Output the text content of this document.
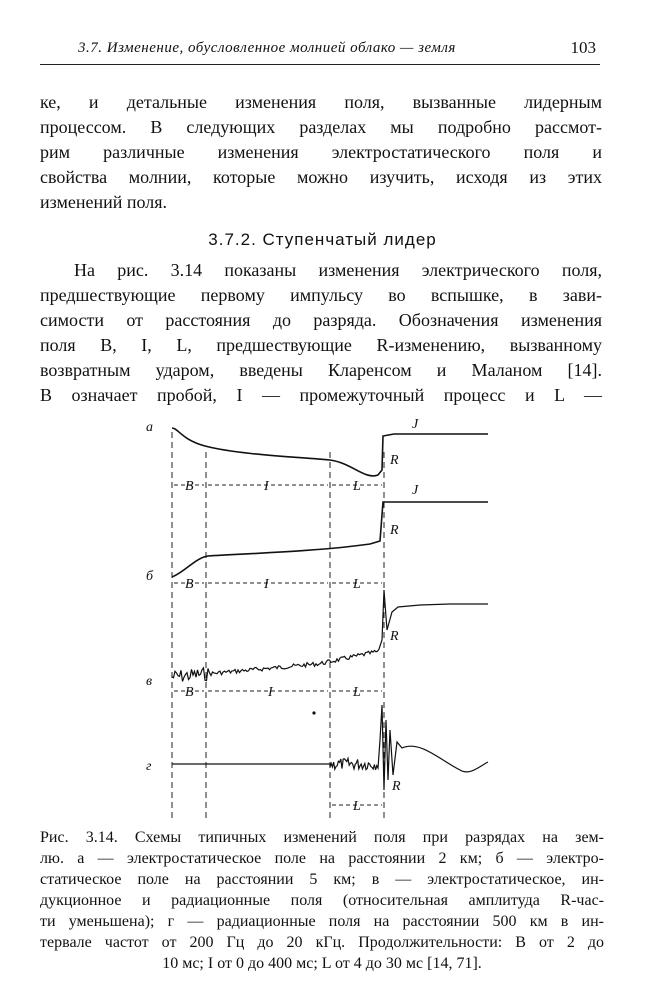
3.7. Изменение, обусловленное молнией облако — земля	103
ке, и детальные изменения поля, вызванные лидерным
процессом. В следующих разделах мы подробно рассмот-
рим различные изменения электростатического поля и
свойства молнии, которые можно изучить, исходя из этих
изменений поля.
3.7.2. Ступенчатый лидер
На рис. 3.14 показаны изменения электрического поля,
предшествующие первому импульсу во вспышке, в зави-
симости от расстояния до разряда. Обозначения изменения
поля B, I, L, предшествующие R-изменению, вызванному
возвратным ударом, введены Кларенсом и Маланом [14].
B означает пробой, I — промежуточный процесс и L —
а
б
в
г
B	I	L
R
J
B	I	L
R
J
B	I	L
R
L
R
Рис. 3.14. Схемы типичных изменений поля при разрядах на зем-
лю. а — электростатическое поле на расстоянии 2 км; б — электро-
статическое поле на расстоянии 5 км; в — электростатическое, ин-
дукционное и радиационные поля (относительная амплитуда R-час-
ти уменьшена); г — радиационные поля на расстоянии 500 км в ин-
тервале частот от 200 Гц до 20 кГц. Продолжительности: B от 2 до
10 мс; I от 0 до 400 мс; L от 4 до 30 мс [14, 71].
